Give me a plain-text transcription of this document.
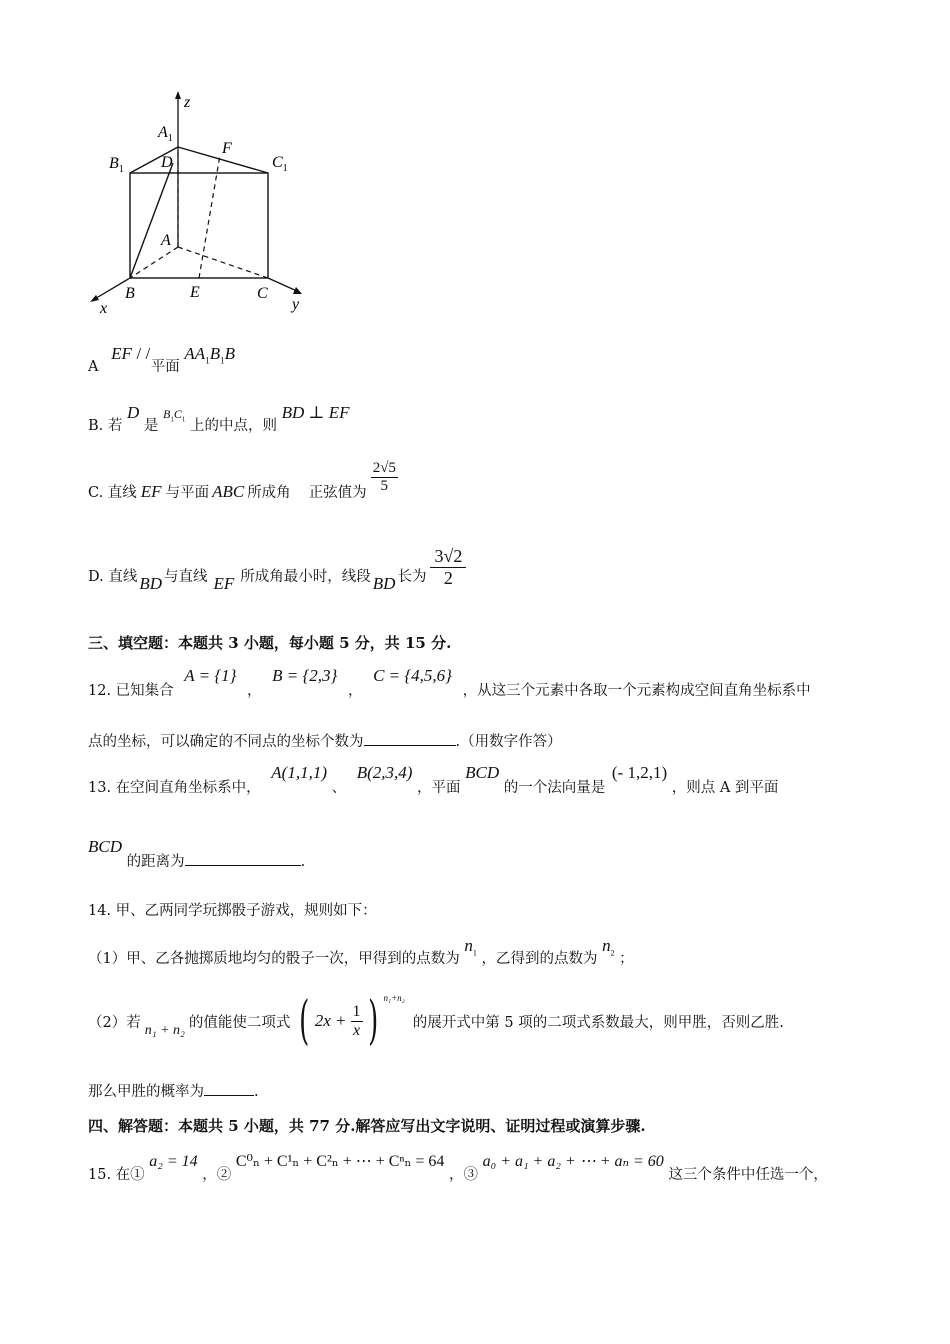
z
x	y
$A_1$
$B_1$	$C_1$
D
F
A
B	E	C
A EF / / 平面 $AA_1B_1B$
B. 若 D 是 $B_1C_1$ 上的中点，则 BD ⊥ EF
C. 直线 EF 与平面 ABC 所成角 正弦值为 $\frac{2√5}{5}$
D. 直线 BD 与直线 EF 所成角最小时，线段 BD 长为 $\frac{3√2}{2}$
三、填空题：本题共 3 小题，每小题 5 分，共 15 分.
12. 已知集合 A = {1} ， B = {2,3} ， C = {4,5,6} ，从这三个元素中各取一个元素构成空间直角坐标系中
点的坐标，可以确定的不同点的坐标个数为	.（用数字作答）
13. 在空间直角坐标系中， A(1,1,1) 、 B(2,3,4) ，平面 BCD 的一个法向量是 (- 1,2,1) ，则点 A 到平面
BCD 的距离为	.
14. 甲、乙两同学玩掷骰子游戏，规则如下：
（1）甲、乙各抛掷质地均匀的骰子一次，甲得到的点数为 $n_1$ ，乙得到的点数为 $n_2$ ；
（2）若 n₁ + n₂ 的值能使二项式 ( $2x + \frac{1}{x}$ ) n₁+n₂
的展开式中第 5 项的二项式系数最大，则甲胜，否则乙胜.
那么甲胜的概率为	.
四、解答题：本题共 5 小题，共 77 分.解答应写出文字说明、证明过程或演算步骤.
15. 在① a₂ = 14 ，② C⁰ₙ + C¹ₙ + C²ₙ + ⋯ + Cⁿₙ = 64 ，③ a₀ + a₁ + a₂ + ⋯ + aₙ = 60 这三个条件中任选一个，
